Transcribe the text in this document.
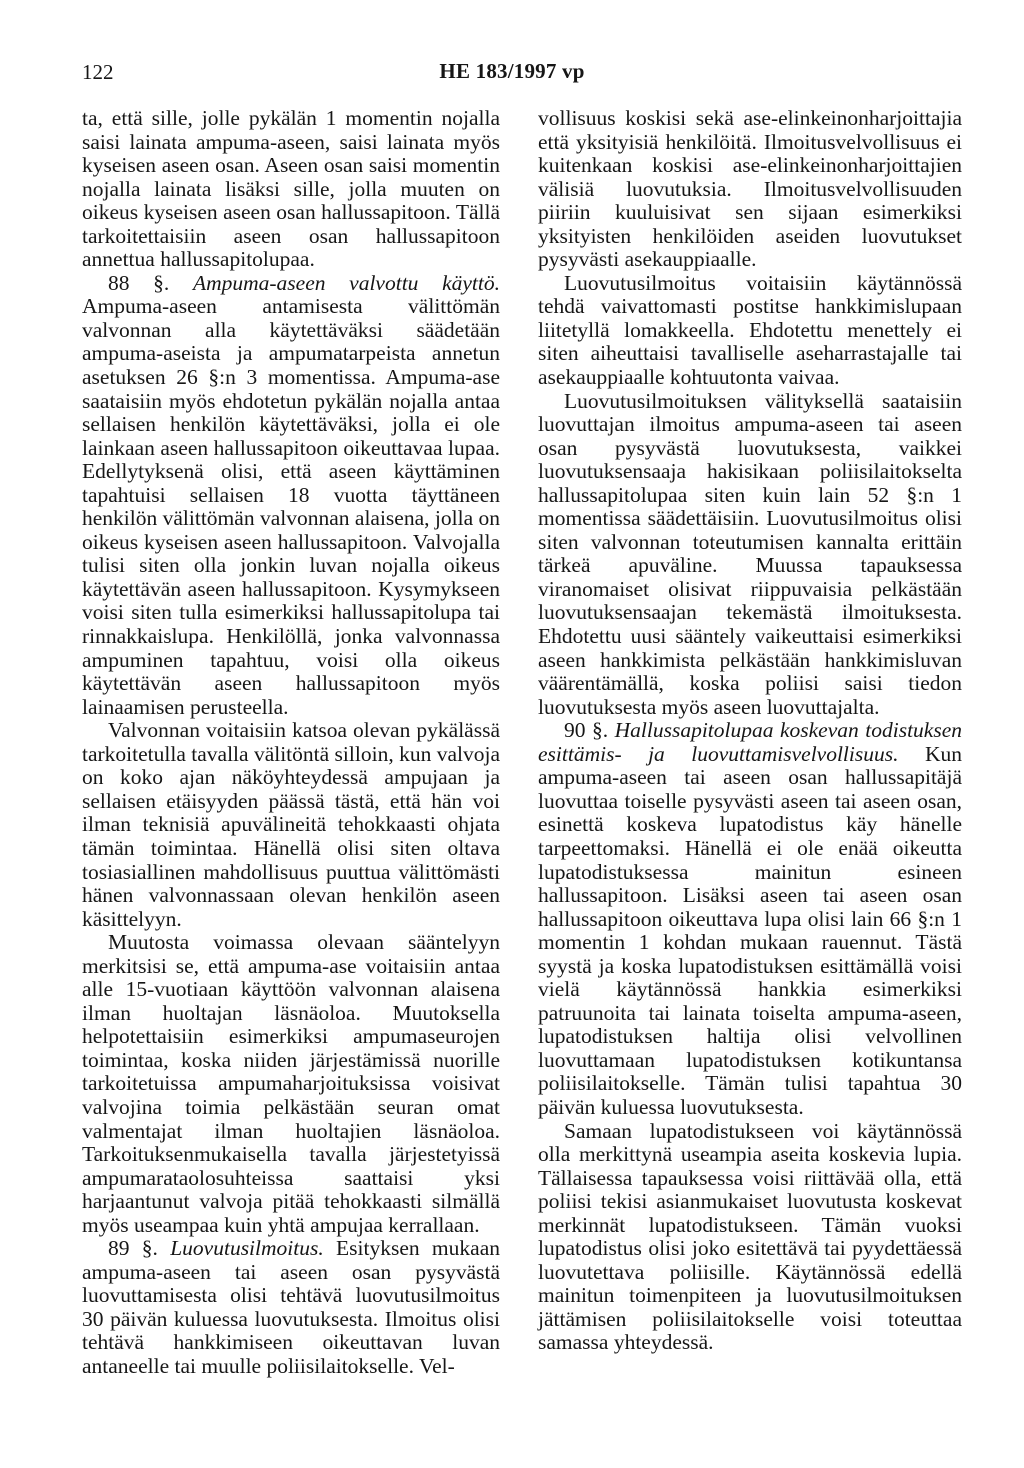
122	HE 183/1997 vp

ta, että sille, jolle pykälän 1 momentin nojalla saisi lainata ampuma-aseen, saisi lainata myös kyseisen aseen osan. Aseen osan saisi momentin nojalla lainata lisäksi sille, jolla muuten on oikeus kyseisen aseen osan hallussapitoon. Tällä tarkoitettaisiin aseen osan hallussapitoon annettua hallussapitolupaa.

88 §. Ampuma-aseen valvottu käyttö. Ampuma-aseen antamisesta välittömän valvonnan alla käytettäväksi säädetään ampuma-aseista ja ampumatarpeista annetun asetuksen 26 §:n 3 momentissa. Ampuma-ase saataisiin myös ehdotetun pykälän nojalla antaa sellaisen henkilön käytettäväksi, jolla ei ole lainkaan aseen hallussapitoon oikeuttavaa lupaa. Edellytyksenä olisi, että aseen käyttäminen tapahtuisi sellaisen 18 vuotta täyttäneen henkilön välittömän valvonnan alaisena, jolla on oikeus kyseisen aseen hallussapitoon. Valvojalla tulisi siten olla jonkin luvan nojalla oikeus käytettävän aseen hallussapitoon. Kysymykseen voisi siten tulla esimerkiksi hallussapitolupa tai rinnakkaislupa. Henkilöllä, jonka valvonnassa ampuminen tapahtuu, voisi olla oikeus käytettävän aseen hallussapitoon myös lainaamisen perusteella.

Valvonnan voitaisiin katsoa olevan pykälässä tarkoitetulla tavalla välitöntä silloin, kun valvoja on koko ajan näköyhteydessä ampujaan ja sellaisen etäisyyden päässä tästä, että hän voi ilman teknisiä apuvälineitä tehokkaasti ohjata tämän toimintaa. Hänellä olisi siten oltava tosiasiallinen mahdollisuus puuttua välittömästi hänen valvonnassaan olevan henkilön aseen käsittelyyn.

Muutosta voimassa olevaan sääntelyyn merkitsisi se, että ampuma-ase voitaisiin antaa alle 15-vuotiaan käyttöön valvonnan alaisena ilman huoltajan läsnäoloa. Muutoksella helpotettaisiin esimerkiksi ampumaseurojen toimintaa, koska niiden järjestämissä nuorille tarkoitetuissa ampumaharjoituksissa voisivat valvojina toimia pelkästään seuran omat valmentajat ilman huoltajien läsnäoloa. Tarkoituksenmukaisella tavalla järjestetyissä ampumarataolosuhteissa saattaisi yksi harjaantunut valvoja pitää tehokkaasti silmällä myös useampaa kuin yhtä ampujaa kerrallaan.

89 §. Luovutusilmoitus. Esityksen mukaan ampuma-aseen tai aseen osan pysyvästä luovuttamisesta olisi tehtävä luovutusilmoitus 30 päivän kuluessa luovutuksesta. Ilmoitus olisi tehtävä hankkimiseen oikeuttavan luvan antaneelle tai muulle poliisilaitokselle. Vel-

vollisuus koskisi sekä ase-elinkeinonharjoittajia että yksityisiä henkilöitä. Ilmoitusvelvollisuus ei kuitenkaan koskisi ase-elinkeinonharjoittajien välisiä luovutuksia. Ilmoitusvelvollisuuden piiriin kuuluisivat sen sijaan esimerkiksi yksityisten henkilöiden aseiden luovutukset pysyvästi asekauppiaalle.

Luovutusilmoitus voitaisiin käytännössä tehdä vaivattomasti postitse hankkimislupaan liitetyllä lomakkeella. Ehdotettu menettely ei siten aiheuttaisi tavalliselle aseharrastajalle tai asekauppiaalle kohtuutonta vaivaa.

Luovutusilmoituksen välityksellä saataisiin luovuttajan ilmoitus ampuma-aseen tai aseen osan pysyvästä luovutuksesta, vaikkei luovutuksensaaja hakisikaan poliisilaitokselta hallussapitolupaa siten kuin lain 52 §:n 1 momentissa säädettäisiin. Luovutusilmoitus olisi siten valvonnan toteutumisen kannalta erittäin tärkeä apuväline. Muussa tapauksessa viranomaiset olisivat riippuvaisia pelkästään luovutuksensaajan tekemästä ilmoituksesta. Ehdotettu uusi sääntely vaikeuttaisi esimerkiksi aseen hankkimista pelkästään hankkimisluvan väärentämällä, koska poliisi saisi tiedon luovutuksesta myös aseen luovuttajalta.

90 §. Hallussapitolupaa koskevan todistuksen esittämis- ja luovuttamisvelvollisuus. Kun ampuma-aseen tai aseen osan hallussapitäjä luovuttaa toiselle pysyvästi aseen tai aseen osan, esinettä koskeva lupatodistus käy hänelle tarpeettomaksi. Hänellä ei ole enää oikeutta lupatodistuksessa mainitun esineen hallussapitoon. Lisäksi aseen tai aseen osan hallussapitoon oikeuttava lupa olisi lain 66 §:n 1 momentin 1 kohdan mukaan rauennut. Tästä syystä ja koska lupatodistuksen esittämällä voisi vielä käytännössä hankkia esimerkiksi patruunoita tai lainata toiselta ampuma-aseen, lupatodistuksen haltija olisi velvollinen luovuttamaan lupatodistuksen kotikuntansa poliisilaitokselle. Tämän tulisi tapahtua 30 päivän kuluessa luovutuksesta.

Samaan lupatodistukseen voi käytännössä olla merkittynä useampia aseita koskevia lupia. Tällaisessa tapauksessa voisi riittävää olla, että poliisi tekisi asianmukaiset luovutusta koskevat merkinnät lupatodistukseen. Tämän vuoksi lupatodistus olisi joko esitettävä tai pyydettäessä luovutettava poliisille. Käytännössä edellä mainitun toimenpiteen ja luovutusilmoituksen jättämisen poliisilaitokselle voisi toteuttaa samassa yhteydessä.
